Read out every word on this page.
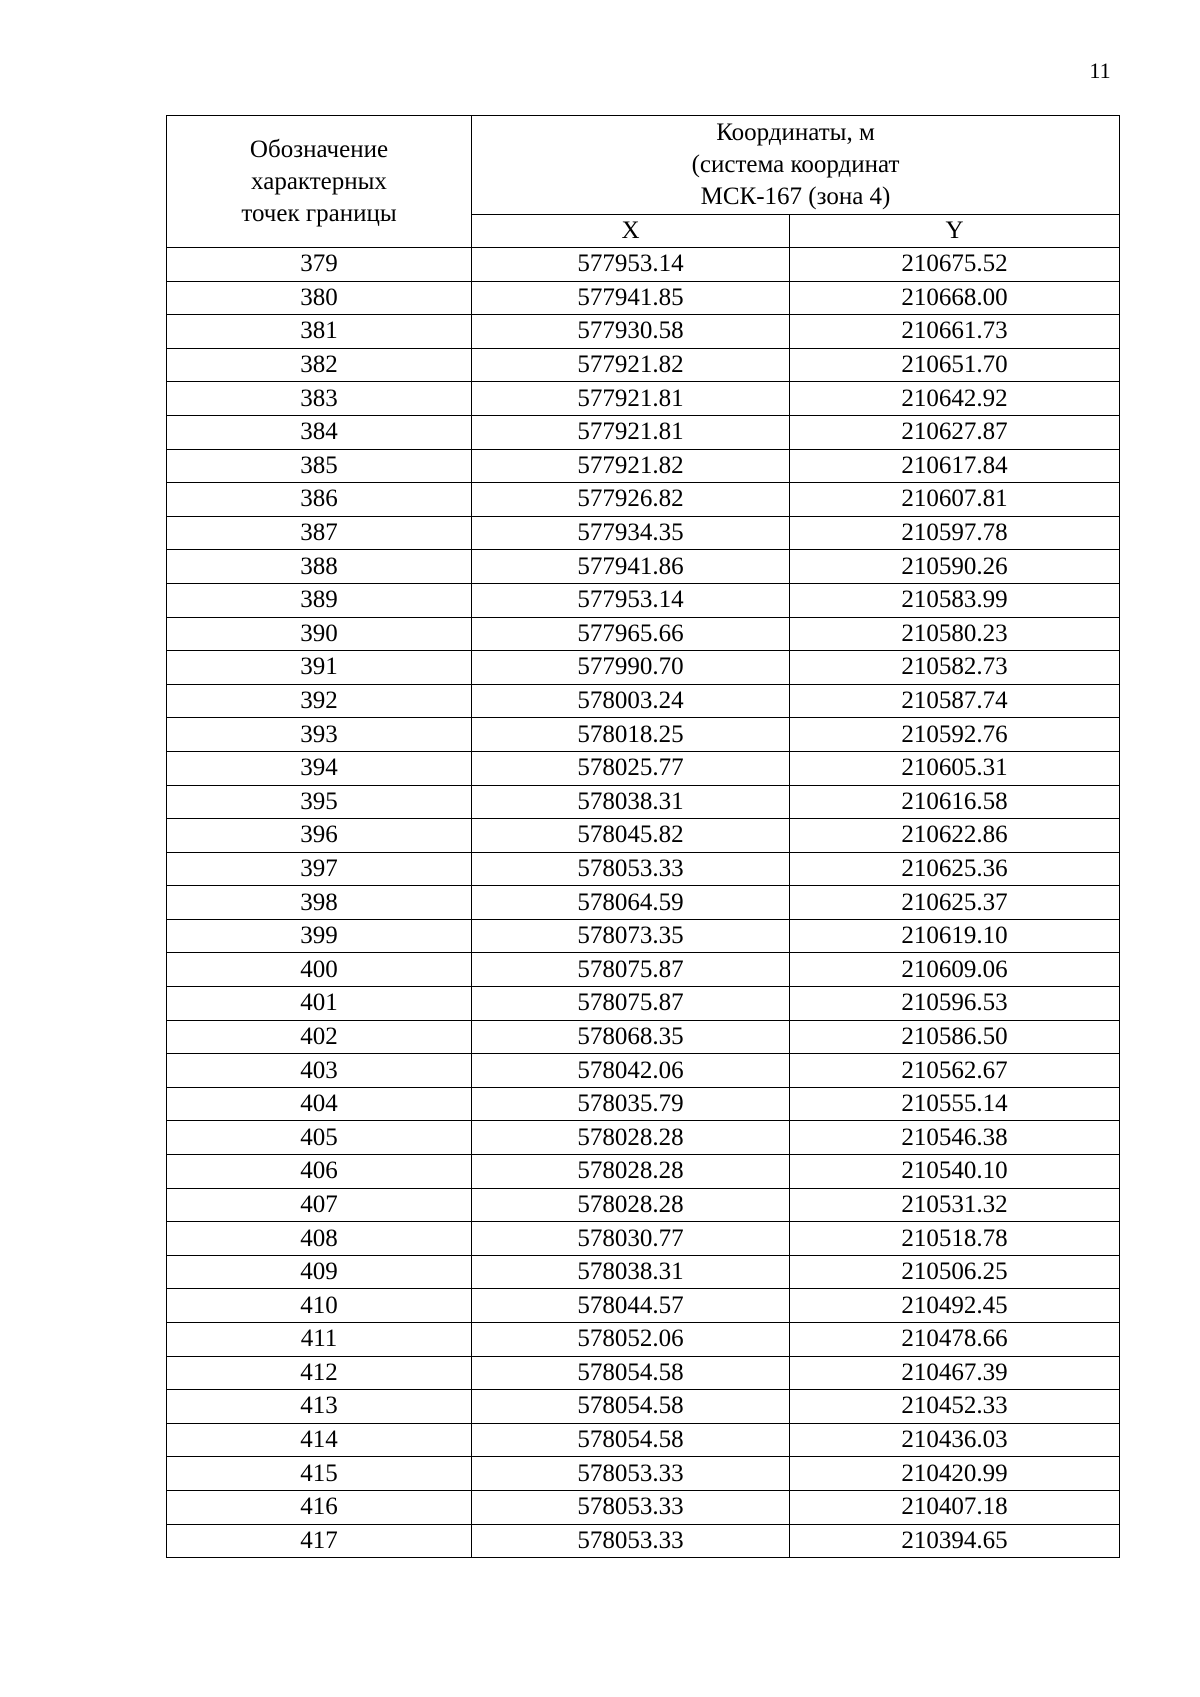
11
Обозначение
характерных
точек границы	Координаты, м
(система координат
МСК-167 (зона 4)	

	X	Y
379	577953.14	210675.52
380	577941.85	210668.00
381	577930.58	210661.73
382	577921.82	210651.70
383	577921.81	210642.92
384	577921.81	210627.87
385	577921.82	210617.84
386	577926.82	210607.81
387	577934.35	210597.78
388	577941.86	210590.26
389	577953.14	210583.99
390	577965.66	210580.23
391	577990.70	210582.73
392	578003.24	210587.74
393	578018.25	210592.76
394	578025.77	210605.31
395	578038.31	210616.58
396	578045.82	210622.86
397	578053.33	210625.36
398	578064.59	210625.37
399	578073.35	210619.10
400	578075.87	210609.06
401	578075.87	210596.53
402	578068.35	210586.50
403	578042.06	210562.67
404	578035.79	210555.14
405	578028.28	210546.38
406	578028.28	210540.10
407	578028.28	210531.32
408	578030.77	210518.78
409	578038.31	210506.25
410	578044.57	210492.45
411	578052.06	210478.66
412	578054.58	210467.39
413	578054.58	210452.33
414	578054.58	210436.03
415	578053.33	210420.99
416	578053.33	210407.18
417	578053.33	210394.65
